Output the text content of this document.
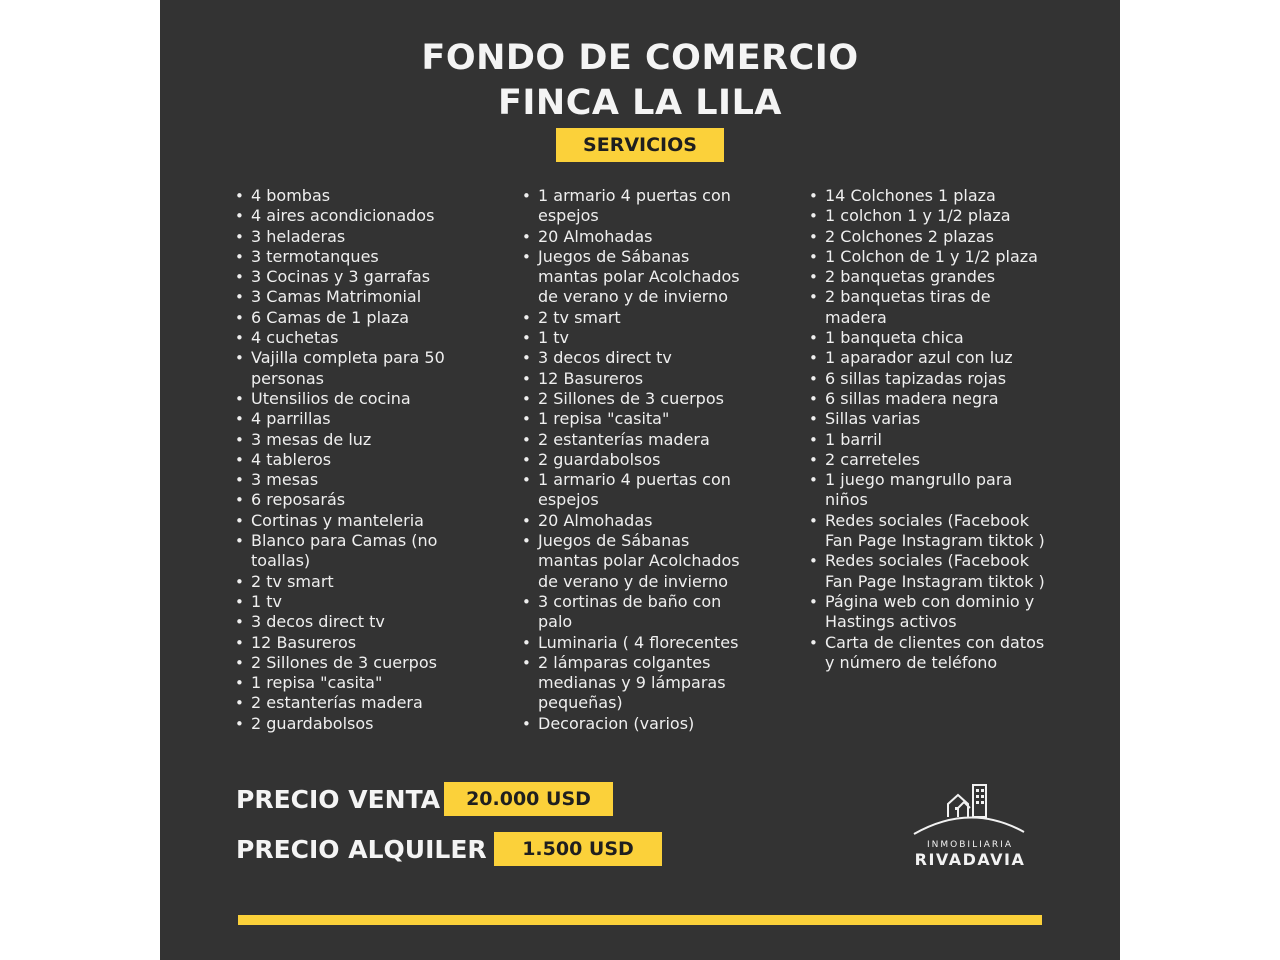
FONDO DE COMERCIO
FINCA LA LILA
SERVICIOS
• 4 bombas
• 4 aires acondicionados
• 3 heladeras
• 3 termotanques
• 3 Cocinas y 3 garrafas
• 3 Camas Matrimonial
• 6 Camas de 1 plaza
• 4 cuchetas
• Vajilla completa para 50 personas
• Utensilios de cocina
• 4 parrillas
• 3 mesas de luz
• 4 tableros
• 3 mesas
• 6 reposarás
• Cortinas y manteleria
• Blanco para Camas (no toallas)
• 2 tv smart
• 1 tv
• 3 decos direct tv
• 12 Basureros
• 2 Sillones de 3 cuerpos
• 1 repisa "casita"
• 2 estanterías madera
• 2 guardabolsos
• 1 armario 4 puertas con espejos
• 20 Almohadas
• Juegos de Sábanas mantas polar Acolchados de verano y de invierno
• 2 tv smart
• 1 tv
• 3 decos direct tv
• 12 Basureros
• 2 Sillones de 3 cuerpos
• 1 repisa "casita"
• 2 estanterías madera
• 2 guardabolsos
• 1 armario 4 puertas con espejos
• 20 Almohadas
• Juegos de Sábanas mantas polar Acolchados de verano y de invierno
• 3 cortinas de baño con palo
• Luminaria ( 4 florecentes
• 2 lámparas colgantes medianas y 9 lámparas pequeñas)
• Decoracion (varios)
• 14 Colchones 1 plaza
• 1 colchon 1 y 1/2 plaza
• 2 Colchones 2 plazas
• 1 Colchon de 1 y 1/2 plaza
• 2 banquetas grandes
• 2 banquetas tiras de madera
• 1 banqueta chica
• 1 aparador azul con luz
• 6 sillas tapizadas rojas
• 6 sillas madera negra
• Sillas varias
• 1 barril
• 2 carreteles
• 1 juego mangrullo para niños
• Redes sociales (Facebook Fan Page Instagram tiktok )
• Redes sociales (Facebook Fan Page Instagram tiktok )
• Página web con dominio y Hastings activos
• Carta de clientes con datos y número de teléfono
PRECIO VENTA	20.000 USD
PRECIO ALQUILER	1.500 USD	INMOBILIARIA
RIVADAVIA
